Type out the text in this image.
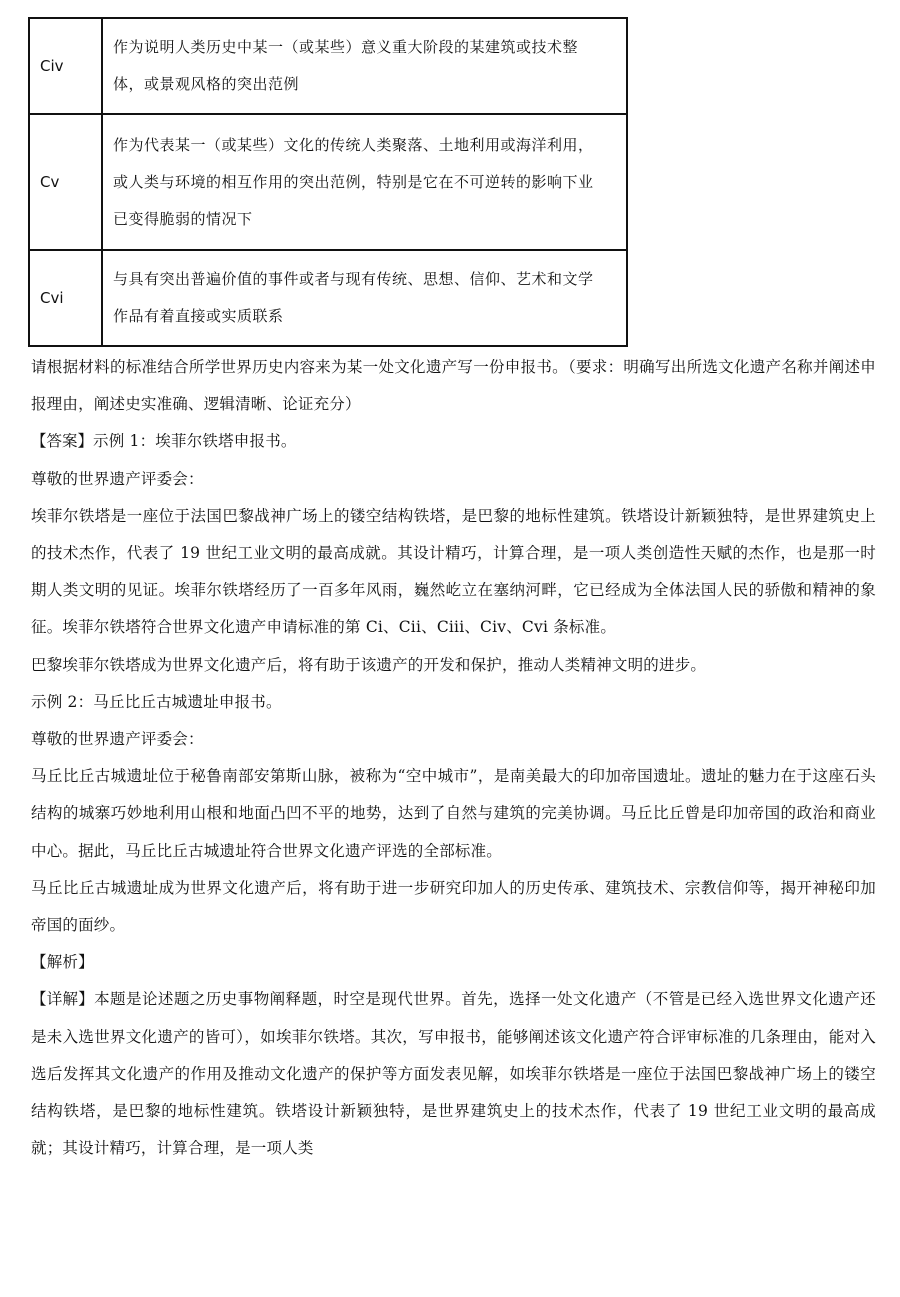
Civ	作为说明人类历史中某一（或某些）意义重大阶段的某建筑或技术整体，或景观风格的突出范例
Cv	作为代表某一（或某些）文化的传统人类聚落、土地利用或海洋利用，或人类与环境的相互作用的突出范例，特别是它在不可逆转的影响下业已变得脆弱的情况下
Cvi	与具有突出普遍价值的事件或者与现有传统、思想、信仰、艺术和文学作品有着直接或实质联系

请根据材料的标准结合所学世界历史内容来为某一处文化遗产写一份申报书。（要求：明确写出所选文化遗产名称并阐述申报理由，阐述史实准确、逻辑清晰、论证充分）

【答案】示例 1：埃菲尔铁塔申报书。

尊敬的世界遗产评委会：

埃菲尔铁塔是一座位于法国巴黎战神广场上的镂空结构铁塔，是巴黎的地标性建筑。铁塔设计新颖独特，是世界建筑史上的技术杰作，代表了 19 世纪工业文明的最高成就。其设计精巧，计算合理，是一项人类创造性天赋的杰作，也是那一时期人类文明的见证。埃菲尔铁塔经历了一百多年风雨，巍然屹立在塞纳河畔，它已经成为全体法国人民的骄傲和精神的象征。埃菲尔铁塔符合世界文化遗产申请标准的第 Ci、Cii、Ciii、Civ、Cvi 条标准。

巴黎埃菲尔铁塔成为世界文化遗产后，将有助于该遗产的开发和保护，推动人类精神文明的进步。

示例 2：马丘比丘古城遗址申报书。

尊敬的世界遗产评委会：

马丘比丘古城遗址位于秘鲁南部安第斯山脉，被称为“空中城市”，是南美最大的印加帝国遗址。遗址的魅力在于这座石头结构的城寨巧妙地利用山根和地面凸凹不平的地势，达到了自然与建筑的完美协调。马丘比丘曾是印加帝国的政治和商业中心。据此，马丘比丘古城遗址符合世界文化遗产评选的全部标准。

马丘比丘古城遗址成为世界文化遗产后，将有助于进一步研究印加人的历史传承、建筑技术、宗教信仰等，揭开神秘印加帝国的面纱。

【解析】

【详解】本题是论述题之历史事物阐释题，时空是现代世界。首先，选择一处文化遗产（不管是已经入选世界文化遗产还是未入选世界文化遗产的皆可），如埃菲尔铁塔。其次，写申报书，能够阐述该文化遗产符合评审标准的几条理由，能对入选后发挥其文化遗产的作用及推动文化遗产的保护等方面发表见解，如埃菲尔铁塔是一座位于法国巴黎战神广场上的镂空结构铁塔，是巴黎的地标性建筑。铁塔设计新颖独特，是世界建筑史上的技术杰作，代表了 19 世纪工业文明的最高成就；其设计精巧，计算合理，是一项人类
